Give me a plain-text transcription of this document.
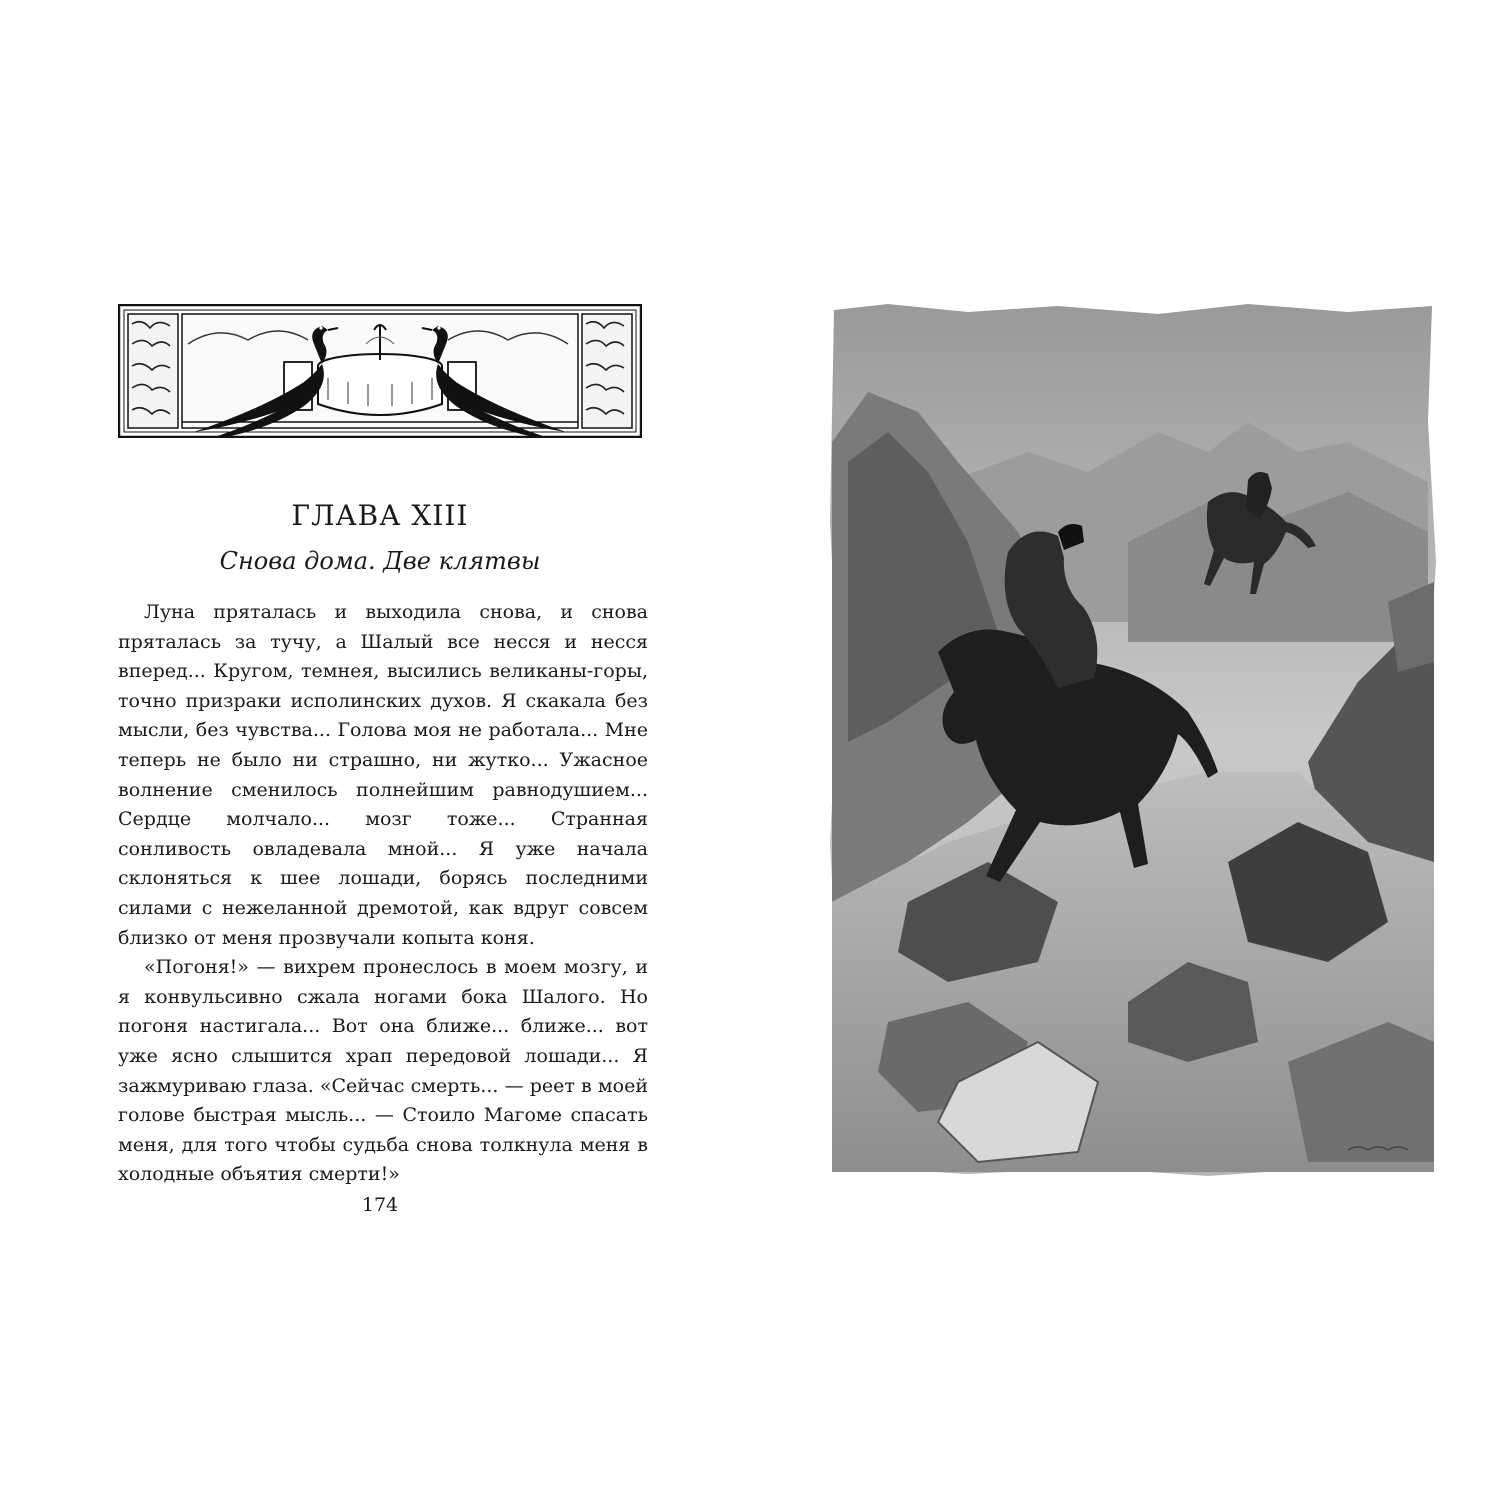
ГЛАВА XIII
Снова дома. Две клятвы

Луна пряталась и выходила снова, и снова пряталась за тучу, а Шалый все несся и несся вперед... Кругом, темнея, высились великаны-горы, точно призраки исполинских духов. Я скакала без мысли, без чувства... Голова моя не работала... Мне теперь не было ни страшно, ни жутко... Ужасное волнение сменилось полнейшим равнодушием... Сердце молчало... мозг тоже... Странная сонливость овладевала мной... Я уже начала склоняться к шее лошади, борясь последними силами с нежеланной дремотой, как вдруг совсем близко от меня прозвучали копыта коня.

«Погоня!» — вихрем пронеслось в моем мозгу, и я конвульсивно сжала ногами бока Шалого. Но погоня настигала... Вот она ближе... ближе... вот уже ясно слышится храп передовой лошади... Я зажмуриваю глаза. «Сейчас смерть... — реет в моей голове быстрая мысль... — Стоило Магоме спасать меня, для того чтобы судьба снова толкнула меня в холодные объятия смерти!»

174
